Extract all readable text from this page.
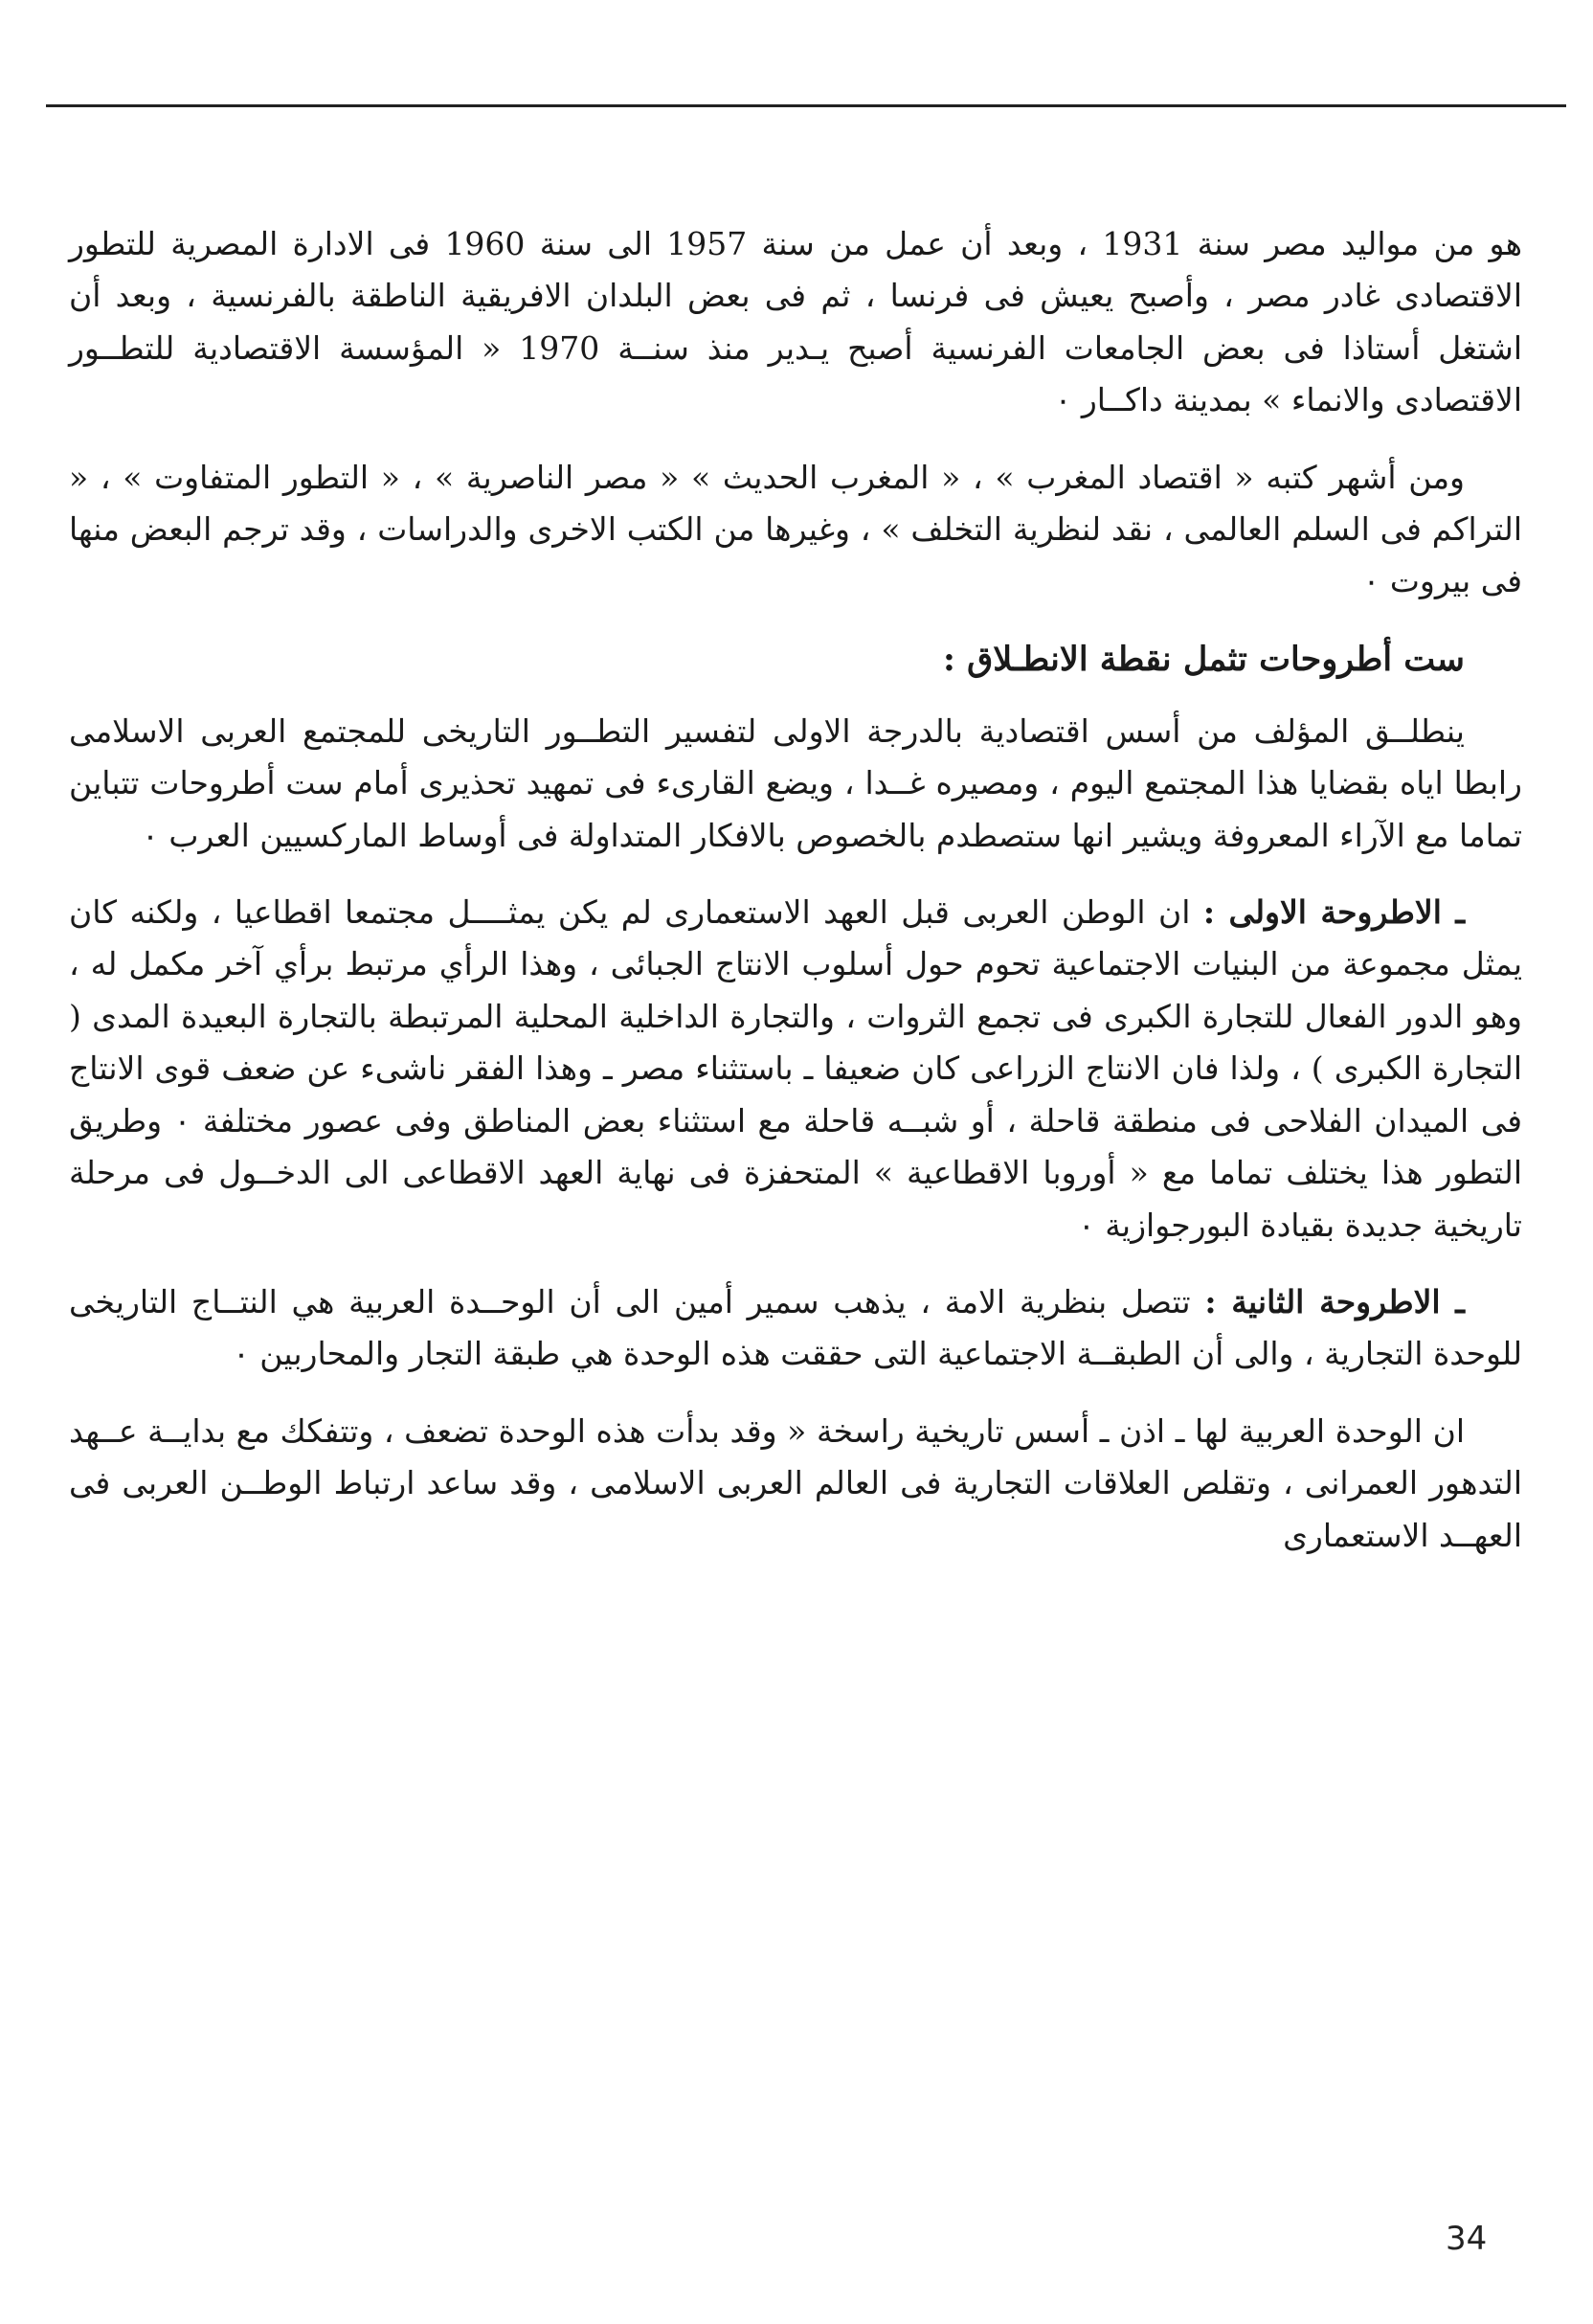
هو من مواليد مصر سنة 1931 ، وبعد أن عمل من سنة 1957 الى سنة 1960 فى الادارة المصرية للتطور الاقتصادى غادر مصر ، وأصبح يعيش فى فرنسا ، ثم فى بعض البلدان الافريقية الناطقة بالفرنسية ، وبعد أن اشتغل أستاذا فى بعض الجامعات الفرنسية أصبح يـدير منذ سنــة 1970 « المؤسسة الاقتصادية للتطــور الاقتصادى والانماء » بمدينة داكــار ٠

ومن أشهر كتبه « اقتصاد المغرب » ، « المغرب الحديث » « مصر الناصرية » ، « التطور المتفاوت » ، « التراكم فى السلم العالمى ، نقد لنظرية التخلف » ، وغيرها من الكتب الاخرى والدراسات ، وقد ترجم البعض منها فى بيروت ٠

ست أطروحات تثمل نقطة الانطـلاق :

ينطلــق المؤلف من أسس اقتصادية بالدرجة الاولى لتفسير التطــور التاريخى للمجتمع العربى الاسلامى رابطا اياه بقضايا هذا المجتمع اليوم ، ومصيره غــدا ، ويضع القارىء فى تمهيد تحذيرى أمام ست أطروحات تتباين تماما مع الآراء المعروفة ويشير انها ستصطدم بالخصوص بالافكار المتداولة فى أوساط الماركسيين العرب ٠

ـ الاطروحة الاولى : ان الوطن العربى قبل العهد الاستعمارى لم يكن يمثــــل مجتمعا اقطاعيا ، ولكنه كان يمثل مجموعة من البنيات الاجتماعية تحوم حول أسلوب الانتاج الجبائى ، وهذا الرأي مرتبط برأي آخر مكمل له ، وهو الدور الفعال للتجارة الكبرى فى تجمع الثروات ، والتجارة الداخلية المحلية المرتبطة بالتجارة البعيدة المدى ( التجارة الكبرى ) ، ولذا فان الانتاج الزراعى كان ضعيفا ـ باستثناء مصر ـ وهذا الفقر ناشىء عن ضعف قوى الانتاج فى الميدان الفلاحى فى منطقة قاحلة ، أو شبــه قاحلة مع استثناء بعض المناطق وفى عصور مختلفة ٠ وطريق التطور هذا يختلف تماما مع « أوروبا الاقطاعية » المتحفزة فى نهاية العهد الاقطاعى الى الدخــول فى مرحلة تاريخية جديدة بقيادة البورجوازية ٠

ـ الاطروحة الثانية : تتصل بنظرية الامة ، يذهب سمير أمين الى أن الوحــدة العربية هي النتــاج التاريخى للوحدة التجارية ، والى أن الطبقــة الاجتماعية التى حققت هذه الوحدة هي طبقة التجار والمحاربين ٠

ان الوحدة العربية لها ـ اذن ـ أسس تاريخية راسخة « وقد بدأت هذه الوحدة تضعف ، وتتفكك مع بدايــة عــهد التدهور العمرانى ، وتقلص العلاقات التجارية فى العالم العربى الاسلامى ، وقد ساعد ارتباط الوطــن العربى فى العهــد الاستعمارى

34
